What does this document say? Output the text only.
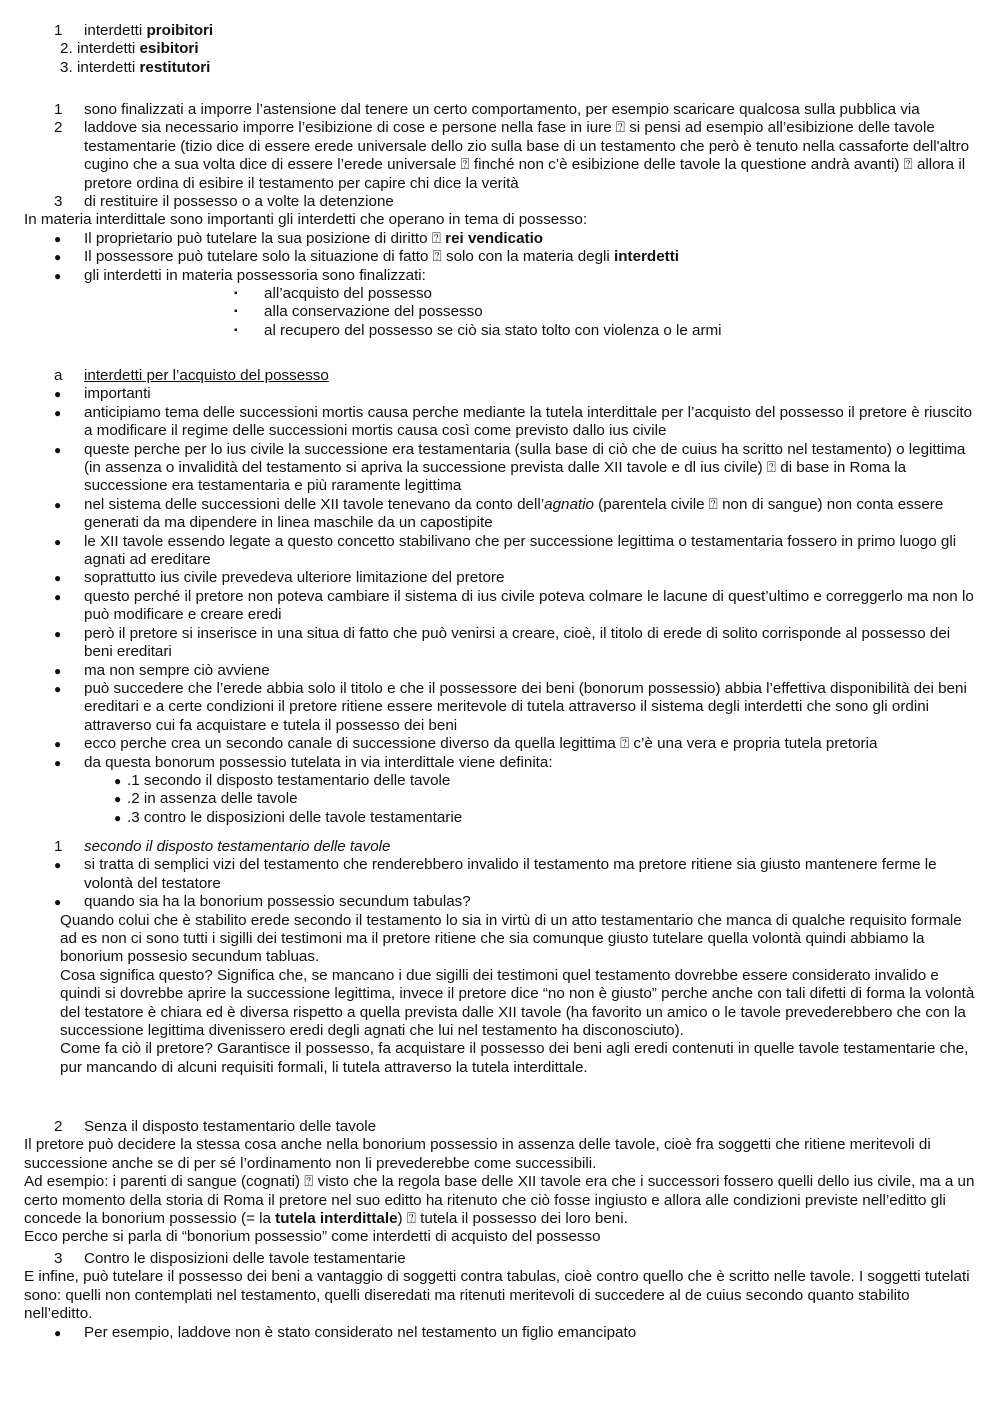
1	interdetti proibitori
2. interdetti esibitori
3. interdetti restitutori
1	sono finalizzati a imporre l’astensione dal tenere un certo comportamento, per esempio scaricare qualcosa sulla pubblica via
2	laddove sia necessario imporre l’esibizione di cose e persone nella fase in iure ⍰ si pensi ad esempio all’esibizione delle tavole testamentarie (tizio dice di essere erede universale dello zio sulla base di un testamento che però è tenuto nella cassaforte dell'altro cugino che a sua volta dice di essere l’erede universale ⍰ finché non c’è esibizione delle tavole la questione andrà avanti) ⍰ allora il pretore ordina di esibire il testamento per capire chi dice la verità
3	di restituire il possesso o a volte la detenzione
In materia interdittale sono importanti gli interdetti che operano in tema di possesso:
●	Il proprietario può tutelare la sua posizione di diritto ⍰ rei vendicatio
●	Il possessore può tutelare solo la situazione di fatto ⍰ solo con la materia degli interdetti
●	gli interdetti in materia possessoria sono finalizzati:
▪	all’acquisto del possesso
▪	alla conservazione del possesso
▪	al recupero del possesso se ciò sia stato tolto con violenza o le armi
a	interdetti per l’acquisto del possesso
●	importanti
●	anticipiamo tema delle successioni mortis causa perche mediante la tutela interdittale per l’acquisto del possesso il pretore è riuscito a modificare il regime delle successioni mortis causa così come previsto dallo ius civile
●	queste perche per lo ius civile la successione era testamentaria (sulla base di ciò che de cuius ha scritto nel testamento) o legittima (in assenza o invalidità del testamento si apriva la successione prevista dalle XII tavole e dl ius civile) ⍰ di base in Roma la successione era testamentaria e più raramente legittima
●	nel sistema delle successioni delle XII tavole tenevano da conto dell’agnatio (parentela civile ⍰ non di sangue) non conta essere generati da ma dipendere in linea maschile da un capostipite
●	le XII tavole essendo legate a questo concetto stabilivano che per successione legittima o testamentaria fossero in primo luogo gli agnati ad ereditare
●	soprattutto ius civile prevedeva ulteriore limitazione del pretore
●	questo perché il pretore non poteva cambiare il sistema di ius civile poteva colmare le lacune di quest’ultimo e correggerlo ma non lo può modificare e creare eredi
●	però il pretore si inserisce in una situa di fatto che può venirsi a creare, cioè, il titolo di erede di solito corrisponde al possesso dei beni ereditari
●	ma non sempre ciò avviene
●	può succedere che l’erede abbia solo il titolo e che il possessore dei beni (bonorum possessio) abbia l’effettiva disponibilità dei beni ereditari e a certe condizioni il pretore ritiene essere meritevole di tutela attraverso il sistema degli interdetti che sono gli ordini attraverso cui fa acquistare e tutela il possesso dei beni
●	ecco perche crea un secondo canale di successione diverso da quella legittima ⍰ c’è una vera e propria tutela pretoria
●	da questa bonorum possessio tutelata in via interdittale viene definita:
● .1 secondo il disposto testamentario delle tavole
● .2 in assenza delle tavole
● .3 contro le disposizioni delle tavole testamentarie
1	secondo il disposto testamentario delle tavole
●	si tratta di semplici vizi del testamento che renderebbero invalido il testamento ma pretore ritiene sia giusto mantenere ferme le volontà del testatore
●	quando sia ha la bonorium possessio secundum tabulas?
Quando colui che è stabilito erede secondo il testamento lo sia in virtù di un atto testamentario che manca di qualche requisito formale ad es non ci sono tutti i sigilli dei testimoni ma il pretore ritiene che sia comunque giusto tutelare quella volontà quindi abbiamo la bonorium possesio secundum tabluas.
Cosa significa questo? Significa che, se mancano i due sigilli dei testimoni quel testamento dovrebbe essere considerato invalido e quindi si dovrebbe aprire la successione legittima, invece il pretore dice “no non è giusto” perche anche con tali difetti di forma la volontà del testatore è chiara ed è diversa rispetto a quella prevista dalle XII tavole (ha favorito un amico o le tavole prevederebbero che con la successione legittima divenissero eredi degli agnati che lui nel testamento ha disconosciuto).
Come fa ciò il pretore? Garantisce il possesso, fa acquistare il possesso dei beni agli eredi contenuti in quelle tavole testamentarie che, pur mancando di alcuni requisiti formali, li tutela attraverso la tutela interdittale.
2	Senza il disposto testamentario delle tavole
Il pretore può decidere la stessa cosa anche nella bonorium possessio in assenza delle tavole, cioè fra soggetti che ritiene meritevoli di successione anche se di per sé l’ordinamento non li prevederebbe come successibili.
Ad esempio: i parenti di sangue (cognati) ⍰ visto che la regola base delle XII tavole era che i successori fossero quelli dello ius civile, ma a un certo momento della storia di Roma il pretore nel suo editto ha ritenuto che ciò fosse ingiusto e allora alle condizioni previste nell’editto gli concede la bonorium possessio (= la tutela interdittale) ⍰ tutela il possesso dei loro beni.
Ecco perche si parla di “bonorium possessio” come interdetti di acquisto del possesso
3	Contro le disposizioni delle tavole testamentarie
E infine, può tutelare il possesso dei beni a vantaggio di soggetti contra tabulas, cioè contro quello che è scritto nelle tavole. I soggetti tutelati sono: quelli non contemplati nel testamento, quelli diseredati ma ritenuti meritevoli di succedere al de cuius secondo quanto stabilito nell’editto.
●	Per esempio, laddove non è stato considerato nel testamento un figlio emancipato
